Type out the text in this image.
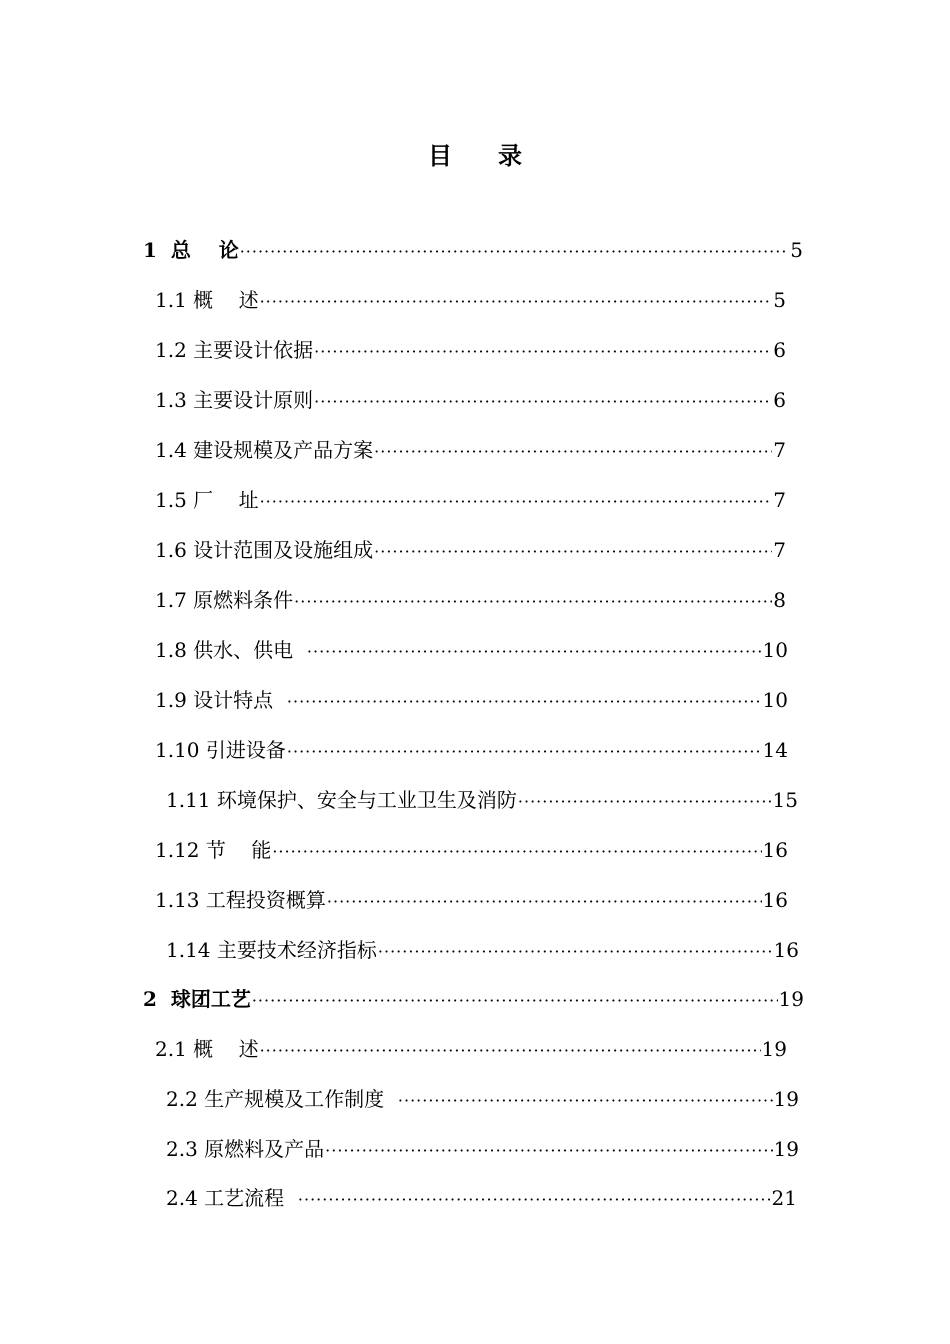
目 录
1  总    论 ·····	5
1.1 概    述 ·····	5
1.2 主要设计依据 ·····	6
1.3 主要设计原则 ·····	6
1.4 建设规模及产品方案 ·····	7
1.5 厂    址 ·····	7
1.6 设计范围及设施组成 ·····	7
1.7 原燃料条件 ·····	8
1.8 供水、供电 ·····	10
1.9 设计特点 ·····	10
1.10 引进设备 ·····	14
1.11 环境保护、安全与工业卫生及消防 ·····	15
1.12 节    能 ·····	16
1.13 工程投资概算 ·····	16
1.14 主要技术经济指标 ·····	16
2  球团工艺 ·····	19
2.1 概    述 ·····	19
2.2 生产规模及工作制度 ·····	19
2.3 原燃料及产品 ·····	19
2.4 工艺流程 ·····	21
